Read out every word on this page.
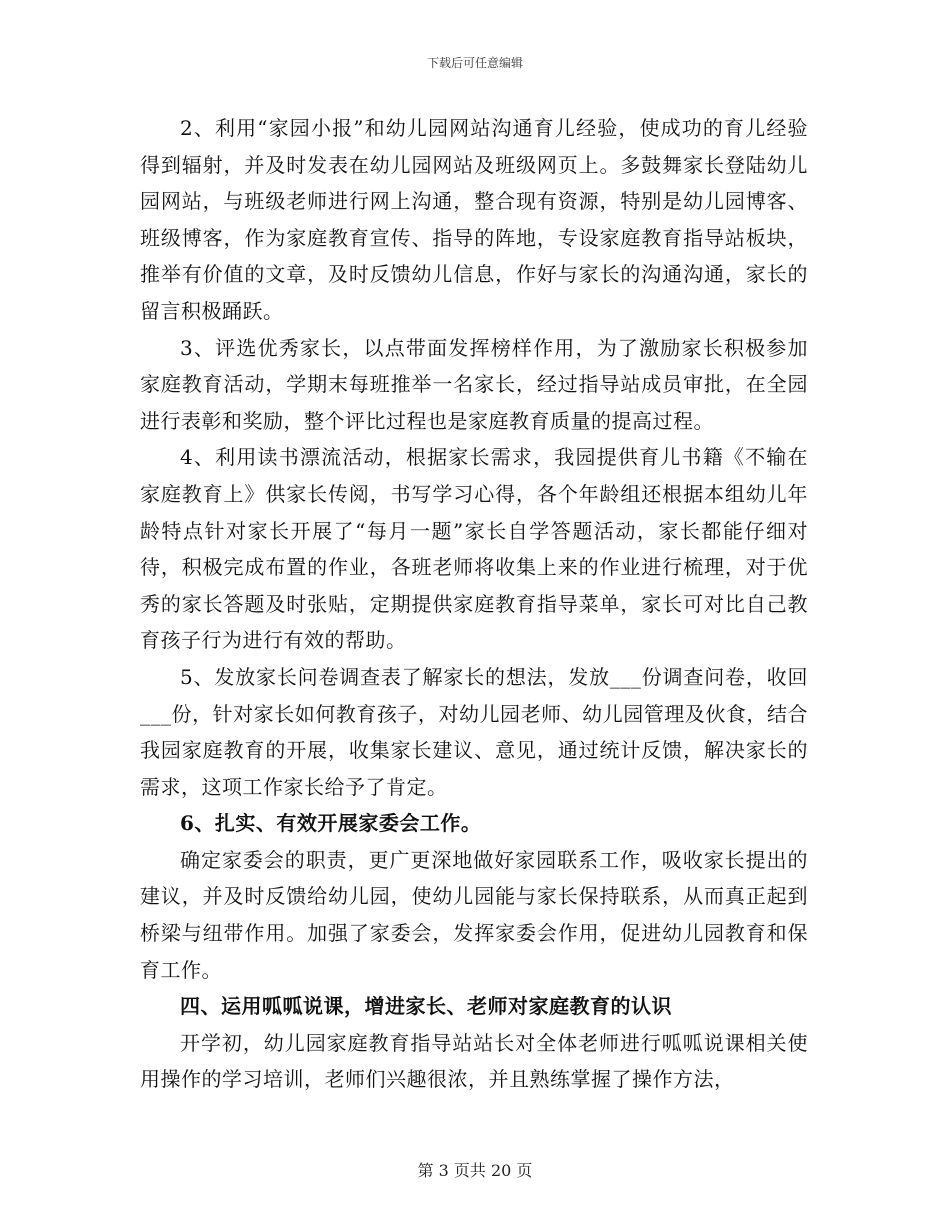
下载后可任意编辑

2、利用“家园小报”和幼儿园网站沟通育儿经验，使成功的育儿经验得到辐射，并及时发表在幼儿园网站及班级网页上。多鼓舞家长登陆幼儿园网站，与班级老师进行网上沟通，整合现有资源，特别是幼儿园博客、班级博客，作为家庭教育宣传、指导的阵地，专设家庭教育指导站板块，推举有价值的文章，及时反馈幼儿信息，作好与家长的沟通沟通，家长的留言积极踊跃。

3、评选优秀家长，以点带面发挥榜样作用，为了激励家长积极参加家庭教育活动，学期末每班推举一名家长，经过指导站成员审批，在全园进行表彰和奖励，整个评比过程也是家庭教育质量的提高过程。

4、利用读书漂流活动，根据家长需求，我园提供育儿书籍《不输在家庭教育上》供家长传阅，书写学习心得，各个年龄组还根据本组幼儿年龄特点针对家长开展了“每月一题”家长自学答题活动，家长都能仔细对待，积极完成布置的作业，各班老师将收集上来的作业进行梳理，对于优秀的家长答题及时张贴，定期提供家庭教育指导菜单，家长可对比自己教育孩子行为进行有效的帮助。

5、发放家长问卷调查表了解家长的想法，发放___份调查问卷，收回___份，针对家长如何教育孩子，对幼儿园老师、幼儿园管理及伙食，结合我园家庭教育的开展，收集家长建议、意见，通过统计反馈，解决家长的需求，这项工作家长给予了肯定。

6、扎实、有效开展家委会工作。

确定家委会的职责，更广更深地做好家园联系工作，吸收家长提出的建议，并及时反馈给幼儿园，使幼儿园能与家长保持联系，从而真正起到桥梁与纽带作用。加强了家委会，发挥家委会作用，促进幼儿园教育和保育工作。

四、运用呱呱说课，增进家长、老师对家庭教育的认识

开学初，幼儿园家庭教育指导站站长对全体老师进行呱呱说课相关使用操作的学习培训，老师们兴趣很浓，并且熟练掌握了操作方法，

第 3 页共 20 页
